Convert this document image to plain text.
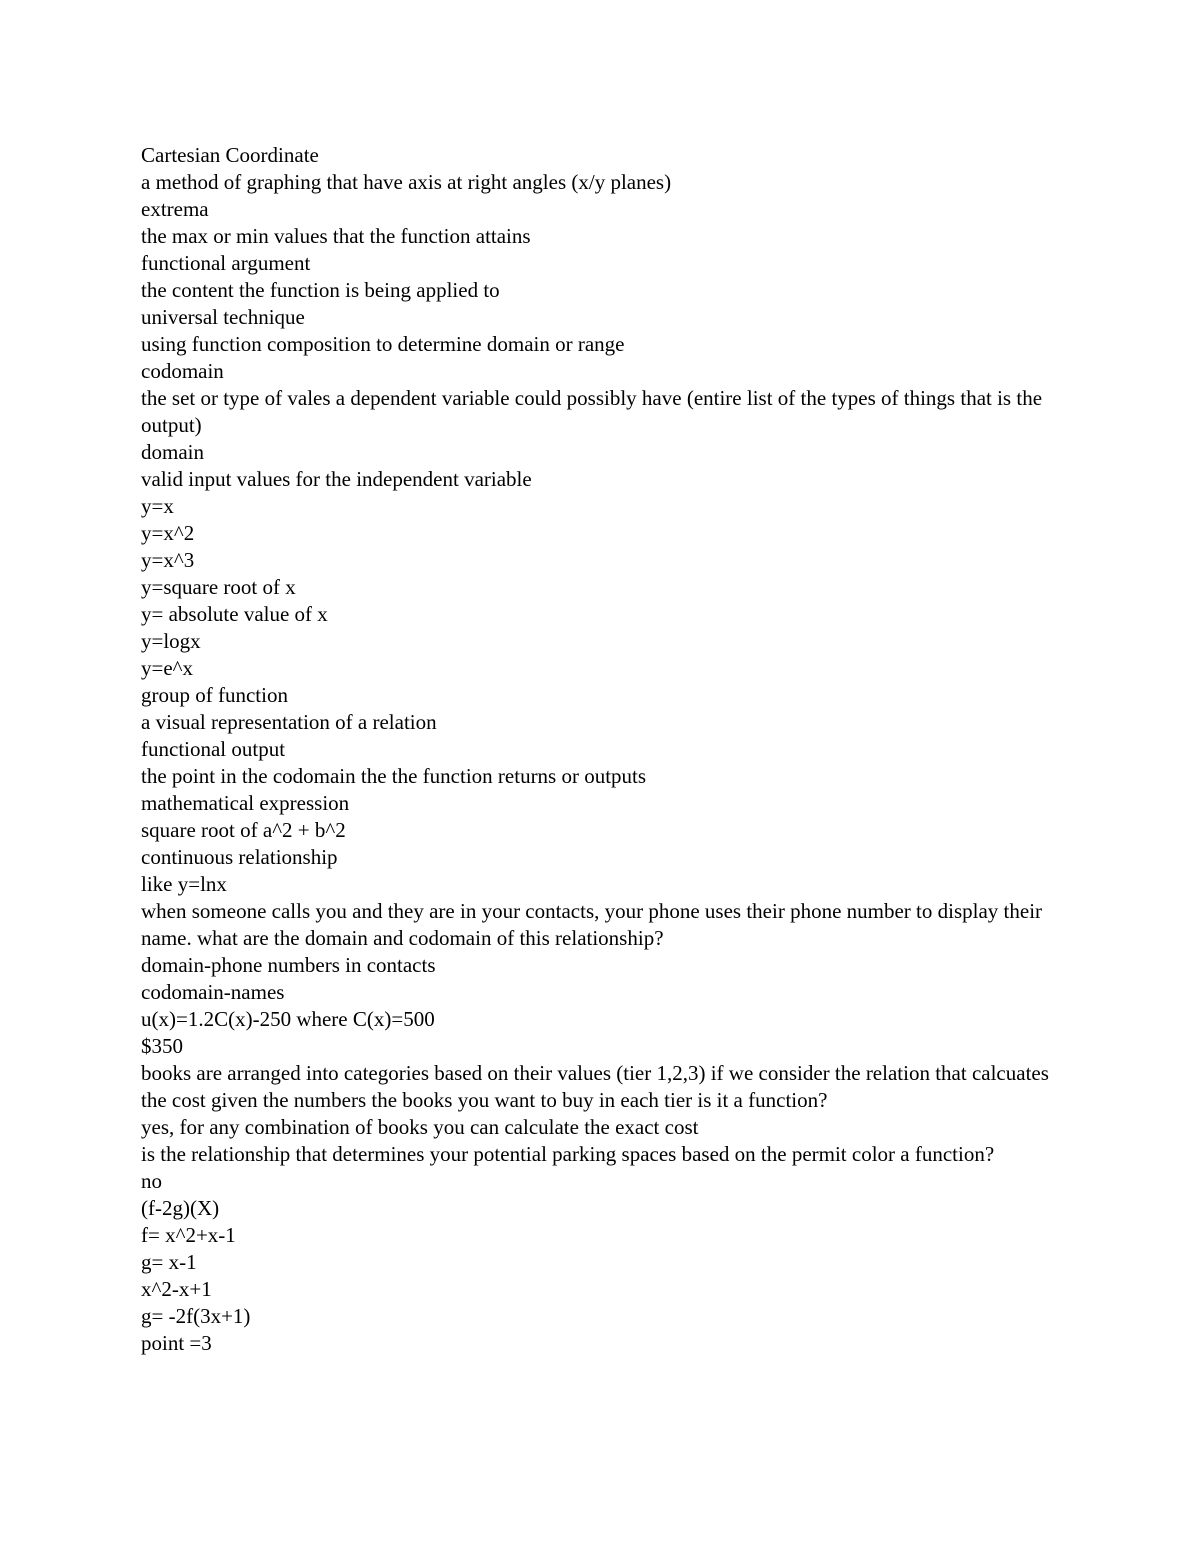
Cartesian Coordinate

a method of graphing that have axis at right angles (x/y planes)

extrema

the max or min values that the function attains

functional argument

the content the function is being applied to

universal technique

using function composition to determine domain or range

codomain

the set or type of vales a dependent variable could possibly have (entire list of the types of things that is the output)

domain

valid input values for the independent variable

y=x

y=x^2

y=x^3

y=square root of x

y= absolute value of x

y=logx

y=e^x

group of function

a visual representation of a relation

functional output

the point in the codomain the the function returns or outputs

mathematical expression

square root of a^2 + b^2

continuous relationship

like y=lnx

when someone calls you and they are in your contacts, your phone uses their phone number to display their name. what are the domain and codomain of this relationship?

domain-phone numbers in contacts

codomain-names

u(x)=1.2C(x)-250 where C(x)=500

$350

books are arranged into categories based on their values (tier 1,2,3) if we consider the relation that calcuates the cost given the numbers the books you want to buy in each tier is it a function?

yes, for any combination of books you can calculate the exact cost

is the relationship that determines your potential parking spaces based on the permit color a function?

no

(f-2g)(X)

f= x^2+x-1

g= x-1

x^2-x+1

g= -2f(3x+1)

point =3
